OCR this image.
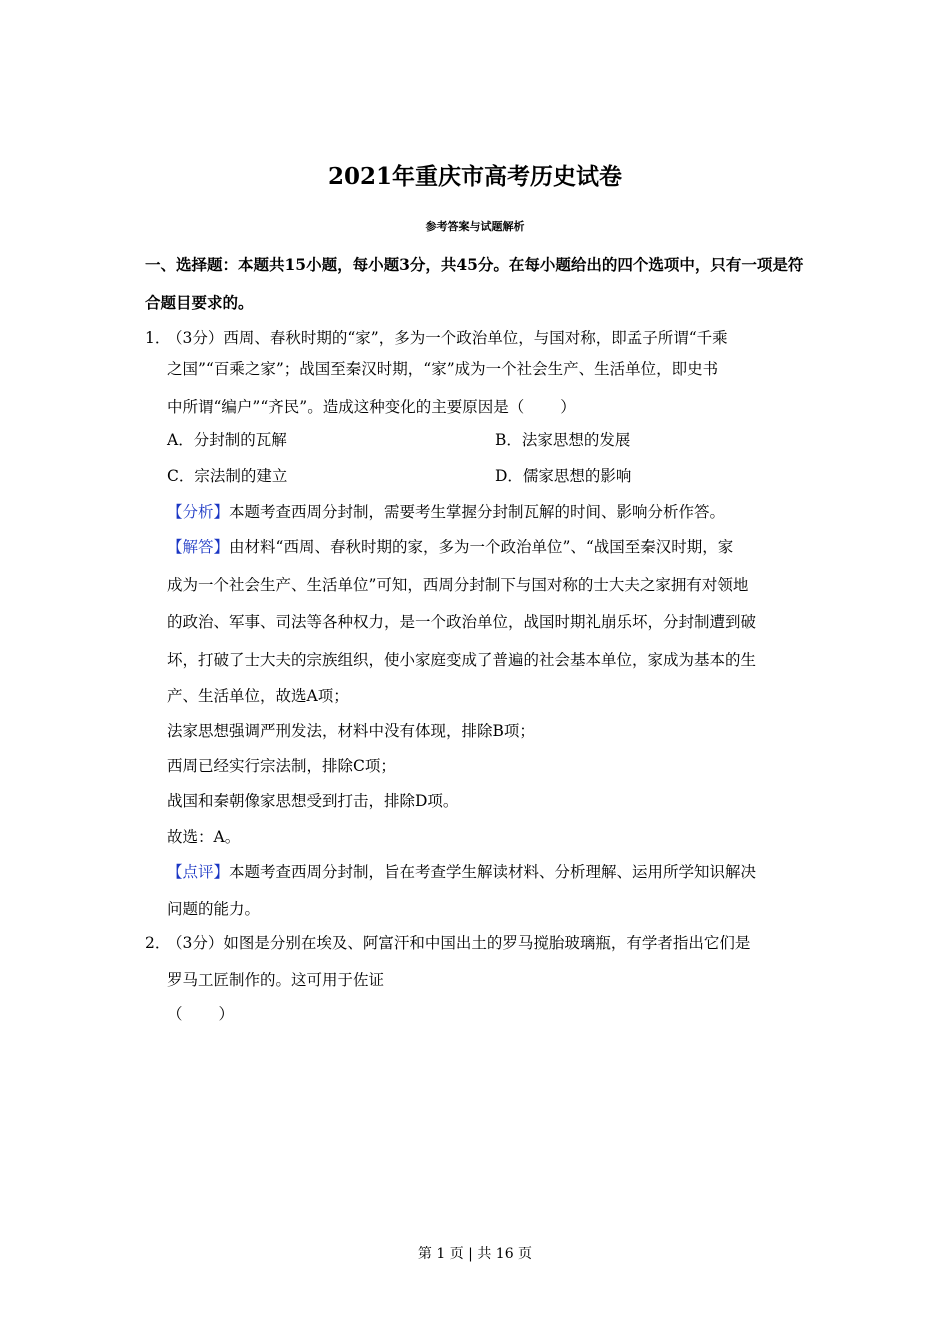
2021年重庆市高考历史试卷
参考答案与试题解析
一、选择题：本题共15小题，每小题3分，共45分。在每小题给出的四个选项中，只有一项是符合题目要求的。
1．
（3分）西周、春秋时期的“家”，多为一个政治单位，与国对称，即孟子所谓“千乘
之国”“百乘之家”；战国至秦汉时期，“家”成为一个社会生产、生活单位，即史书
中所谓“编户”“齐民”。造成这种变化的主要原因是（ ）
A．分封制的瓦解	B．法家思想的发展
C．宗法制的建立	D．儒家思想的影响
【分析】本题考查西周分封制，需要考生掌握分封制瓦解的时间、影响分析作答。
【解答】由材料“西周、春秋时期的家，多为一个政治单位”、“战国至秦汉时期，家
成为一个社会生产、生活单位”可知，西周分封制下与国对称的士大夫之家拥有对领地
的政治、军事、司法等各种权力，是一个政治单位，战国时期礼崩乐坏，分封制遭到破
坏，打破了士大夫的宗族组织，使小家庭变成了普遍的社会基本单位，家成为基本的生
产、生活单位，故选A项；
法家思想强调严刑发法，材料中没有体现，排除B项；
西周已经实行宗法制，排除C项；
战国和秦朝像家思想受到打击，排除D项。
故选：A。
【点评】本题考查西周分封制，旨在考查学生解读材料、分析理解、运用所学知识解决
问题的能力。
2．
（3分）如图是分别在埃及、阿富汗和中国出土的罗马搅胎玻璃瓶，有学者指出它们是
罗马工匠制作的。这可用于佐证
（ ）
第 1 页 | 共 16 页
